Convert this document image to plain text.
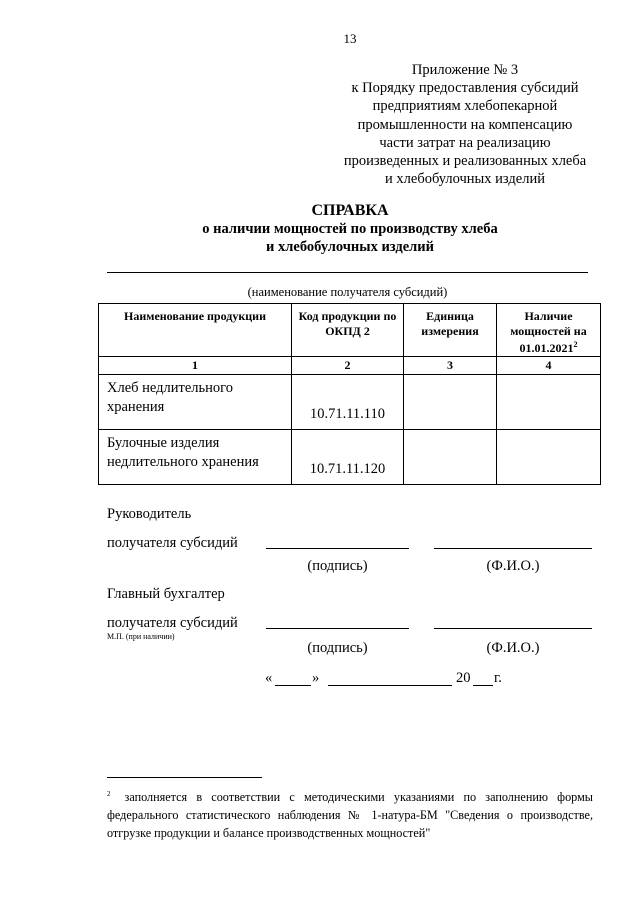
13
Приложение № 3
к Порядку предоставления субсидий
предприятиям хлебопекарной
промышленности на компенсацию
части затрат на реализацию
произведенных и реализованных хлеба
и хлебобулочных изделий
СПРАВКА
о наличии мощностей по производству хлеба
и хлебобулочных изделий
(наименование получателя субсидий)
Наименование продукции	Код продукции по ОКПД 2	Единица измерения	Наличие мощностей на 01.01.2021$^2$
1	2	3	4
Хлеб недлительного хранения	10.71.11.110		
Булочные изделия недлительного хранения	10.71.11.120		
Руководитель
получателя субсидий
(подпись)	(Ф.И.О.)
Главный бухгалтер
получателя субсидий
М.П. (при наличии)
(подпись)	(Ф.И.О.)
«	»	20 г.
$^2$ заполняется в соответствии с методическими указаниями по заполнению формы федерального статистического наблюдения № 1-натура-БМ "Сведения о производстве, отгрузке продукции и балансе производственных мощностей"
